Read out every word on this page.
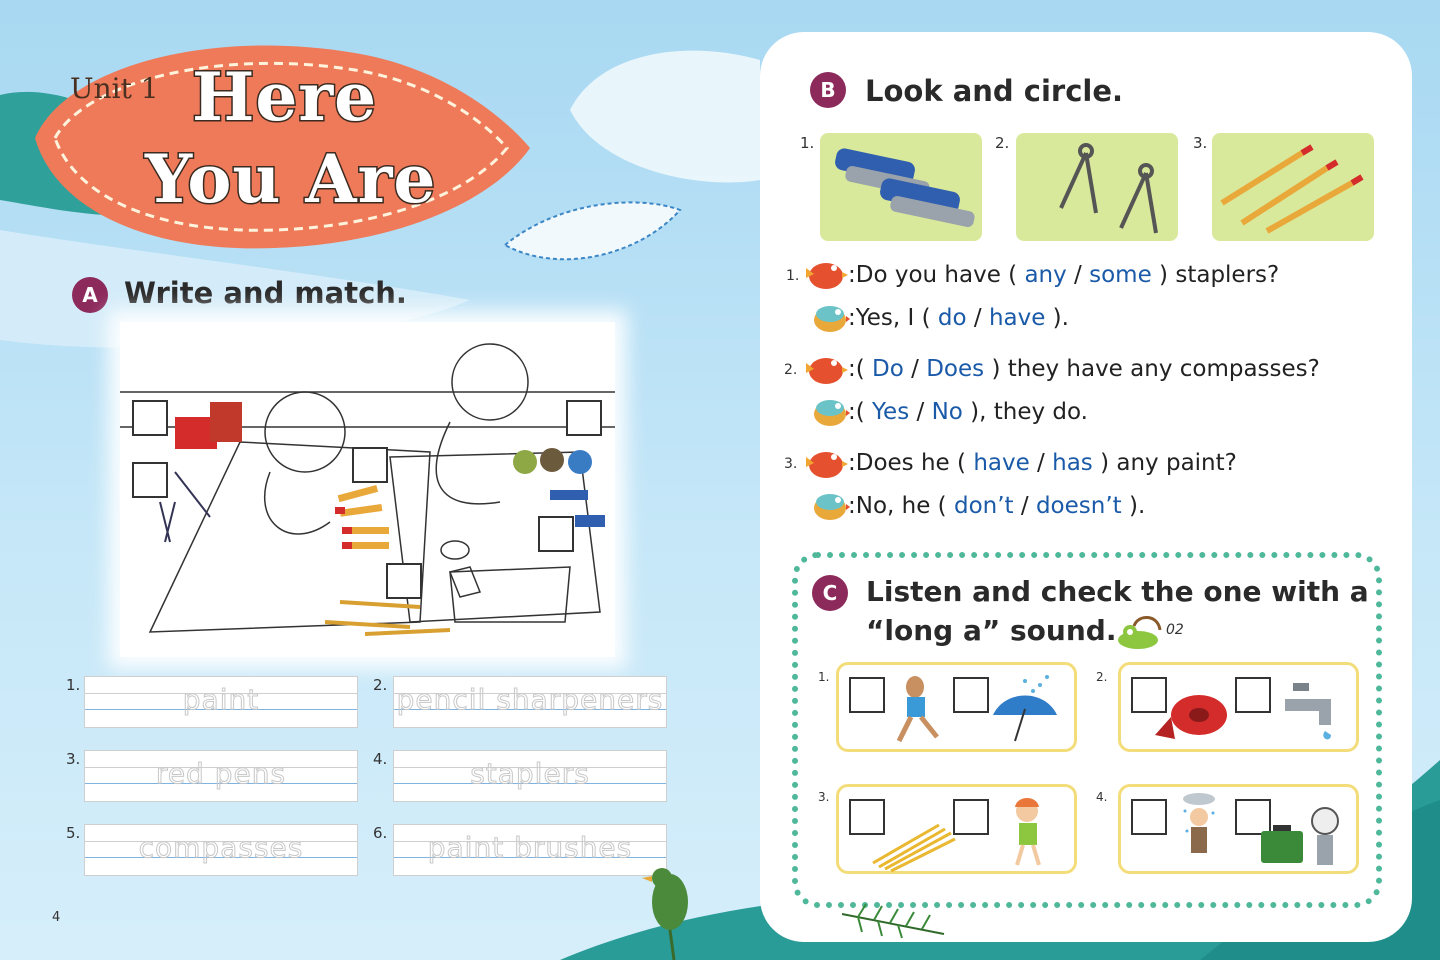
Unit 1 Here
You Are
A Write and match.
1.	paint	2. pencil sharpeners
3.	red pens	4.	staplers
5.	compasses	6.	paint brushes
4
B	Look and circle.
1.	2.	3.
1. :Do you have ( any / some ) staplers?
:Yes, I ( do / have ).
2. :( Do / Does ) they have any compasses?
:( Yes / No ), they do.
3. :Does he ( have / has ) any paint?
:No, he ( don’t / doesn’t ).
C	Listen and check the one with a
“long a” sound.	02
1.	2.
3.	4.
5
